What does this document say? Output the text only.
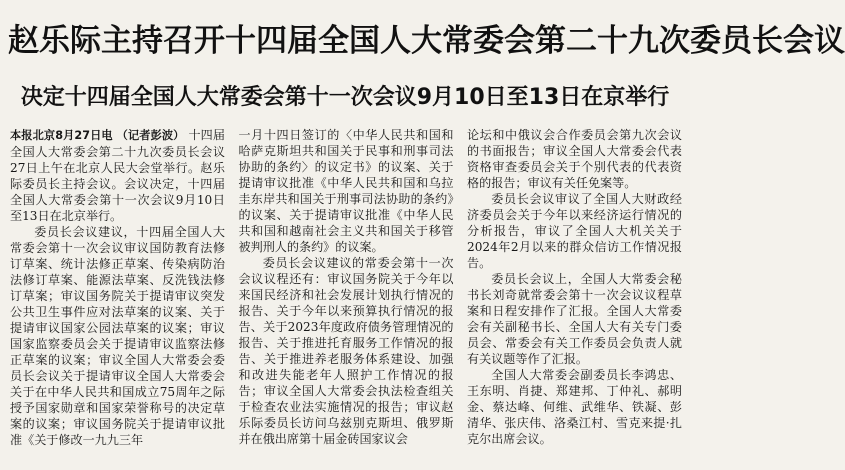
赵乐际主持召开十四届全国人大常委会第二十九次委员长会议
决定十四届全国人大常委会第十一次会议9月10日至13日在京举行

本报北京8月27日电 （记者彭波） 十四届全国人大常委会第二十九次委员长会议27日上午在北京人民大会堂举行。赵乐际委员长主持会议。会议决定，十四届全国人大常委会第十一次会议9月10日至13日在北京举行。

委员长会议建议，十四届全国人大常委会第十一次会议审议国防教育法修订草案、统计法修正草案、传染病防治法修订草案、能源法草案、反洗钱法修订草案；审议国务院关于提请审议突发公共卫生事件应对法草案的议案、关于提请审议国家公园法草案的议案；审议国家监察委员会关于提请审议监察法修正草案的议案；审议全国人大常委会委员长会议关于提请审议全国人大常委会关于在中华人民共和国成立75周年之际授予国家勋章和国家荣誉称号的决定草案的议案；审议国务院关于提请审议批准《关于修改一九九三年

一月十四日签订的〈中华人民共和国和哈萨克斯坦共和国关于民事和刑事司法协助的条约〉的议定书》的议案、关于提请审议批准《中华人民共和国和乌拉圭东岸共和国关于刑事司法协助的条约》的议案、关于提请审议批准《中华人民共和国和越南社会主义共和国关于移管被判刑人的条约》的议案。

委员长会议建议的常委会第十一次会议议程还有：审议国务院关于今年以来国民经济和社会发展计划执行情况的报告、关于今年以来预算执行情况的报告、关于2023年度政府债务管理情况的报告、关于推进托育服务工作情况的报告、关于推进养老服务体系建设、加强和改进失能老年人照护工作情况的报告；审议全国人大常委会执法检查组关于检查农业法实施情况的报告；审议赵乐际委员长访问乌兹别克斯坦、俄罗斯并在俄出席第十届金砖国家议会

论坛和中俄议会合作委员会第九次会议的书面报告；审议全国人大常委会代表资格审查委员会关于个别代表的代表资格的报告；审议有关任免案等。

委员长会议审议了全国人大财政经济委员会关于今年以来经济运行情况的分析报告，审议了全国人大机关关于2024年2月以来的群众信访工作情况报告。

委员长会议上，全国人大常委会秘书长刘奇就常委会第十一次会议议程草案和日程安排作了汇报。全国人大常委会有关副秘书长、全国人大有关专门委员会、常委会有关工作委员会负责人就有关议题等作了汇报。

全国人大常委会副委员长李鸿忠、王东明、肖捷、郑建邦、丁仲礼、郝明金、蔡达峰、何维、武维华、铁凝、彭清华、张庆伟、洛桑江村、雪克来提·扎克尔出席会议。
